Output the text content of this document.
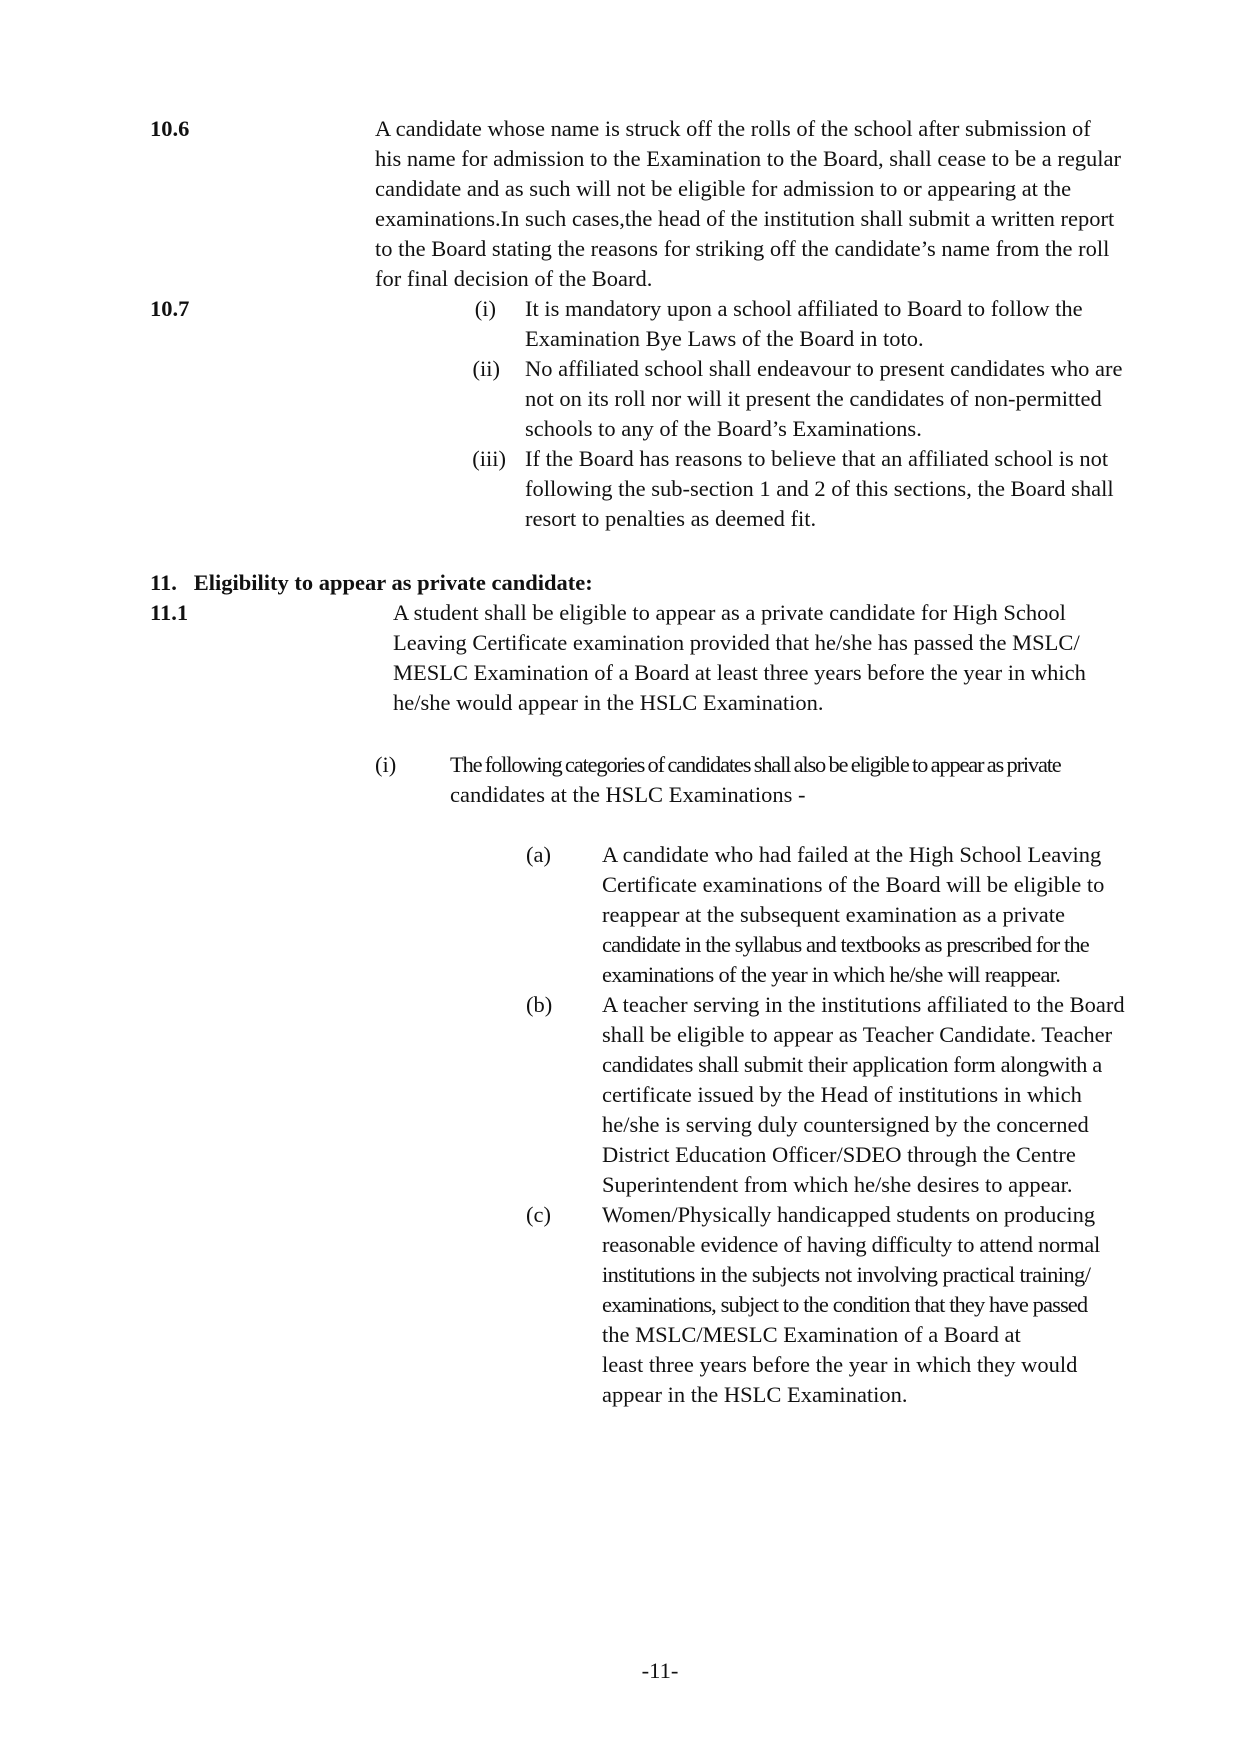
10.6	A candidate whose name is struck off the rolls of the school after submission of
his name for admission to the Examination to the Board, shall cease to be a regular
candidate and as such will not be eligible for admission to or appearing at the
examinations.In such cases,the head of the institution shall submit a written report
to the Board stating the reasons for striking off the candidate’s name from the roll
for final decision of the Board.
10.7	(i) It is mandatory upon a school affiliated to Board to follow the
Examination Bye Laws of the Board in toto.
(ii) No affiliated school shall endeavour to present candidates who are
not on its roll nor will it present the candidates of non-permitted
schools to any of the Board’s Examinations.
(iii) If the Board has reasons to believe that an affiliated school is not
following the sub-section 1 and 2 of this sections, the Board shall
resort to penalties as deemed fit.
11.   Eligibility to appear as private candidate:
11.1	A student shall be eligible to appear as a private candidate for High School
Leaving Certificate examination provided that he/she has passed the MSLC/
MESLC Examination of a Board at least three years before the year in which
he/she would appear in the HSLC Examination.
(i) The following categories of candidates shall also be eligible to appear as private
candidates at the HSLC Examinations -
(a) A candidate who had failed at the High School Leaving
Certificate examinations of the Board will be eligible to
reappear at the subsequent examination as a private
candidate in the syllabus and textbooks as prescribed for the
examinations of the year in which he/she will reappear.
(b) A teacher serving in the institutions affiliated to the Board
shall be eligible to appear as Teacher Candidate. Teacher
candidates shall submit their application form alongwith a
certificate issued by the Head of institutions in which
he/she is serving duly countersigned by the concerned
District Education Officer/SDEO through the Centre
Superintendent from which he/she desires to appear.
(c) Women/Physically handicapped students on producing
reasonable evidence of having difficulty to attend normal
institutions in the subjects not involving practical training/
examinations, subject to the condition that they have passed
the MSLC/MESLC Examination of a Board at
least three years before the year in which they would
appear in the HSLC Examination.
-11-
